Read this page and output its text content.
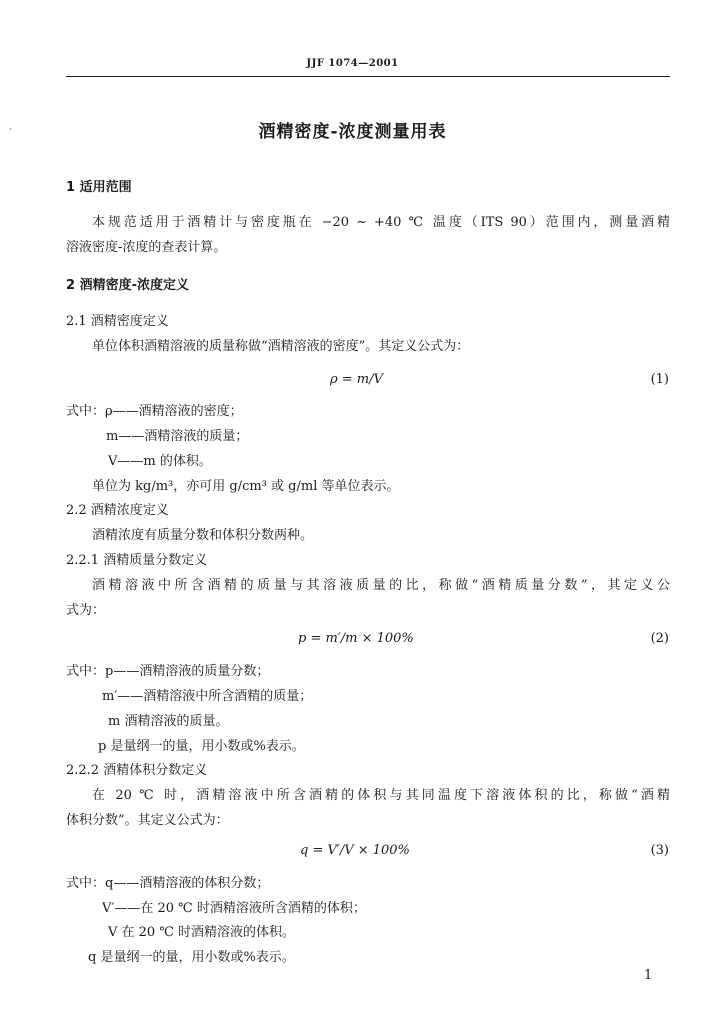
·
JJF 1074—2001
酒精密度-浓度测量用表
1 适用范围
本规范适用于酒精计与密度瓶在 −20 ~ +40 ℃ 温度（ITS 90）范围内，测量酒精
溶液密度-浓度的查表计算。
2 酒精密度-浓度定义
2.1 酒精密度定义
单位体积酒精溶液的质量称做“酒精溶液的密度”。其定义公式为：
ρ = m/V	(1)
式中：ρ——酒精溶液的密度；
m——酒精溶液的质量；
V——m 的体积。
单位为 kg/m³，亦可用 g/cm³ 或 g/ml 等单位表示。
2.2 酒精浓度定义
酒精浓度有质量分数和体积分数两种。
2.2.1 酒精质量分数定义
酒精溶液中所含酒精的质量与其溶液质量的比，称做“酒精质量分数”，其定义公
式为：
p = m′/m × 100%	(2)
式中：p——酒精溶液的质量分数；
m′——酒精溶液中所含酒精的质量；
m 酒精溶液的质量。
p 是量纲一的量，用小数或%表示。
2.2.2 酒精体积分数定义
在 20 ℃ 时，酒精溶液中所含酒精的体积与其同温度下溶液体积的比，称做“酒精
体积分数”。其定义公式为：
q = V′/V × 100%	(3)
式中：q——酒精溶液的体积分数；
V′——在 20 ℃ 时酒精溶液所含酒精的体积；
V 在 20 ℃ 时酒精溶液的体积。
q 是量纲一的量，用小数或%表示。
1
